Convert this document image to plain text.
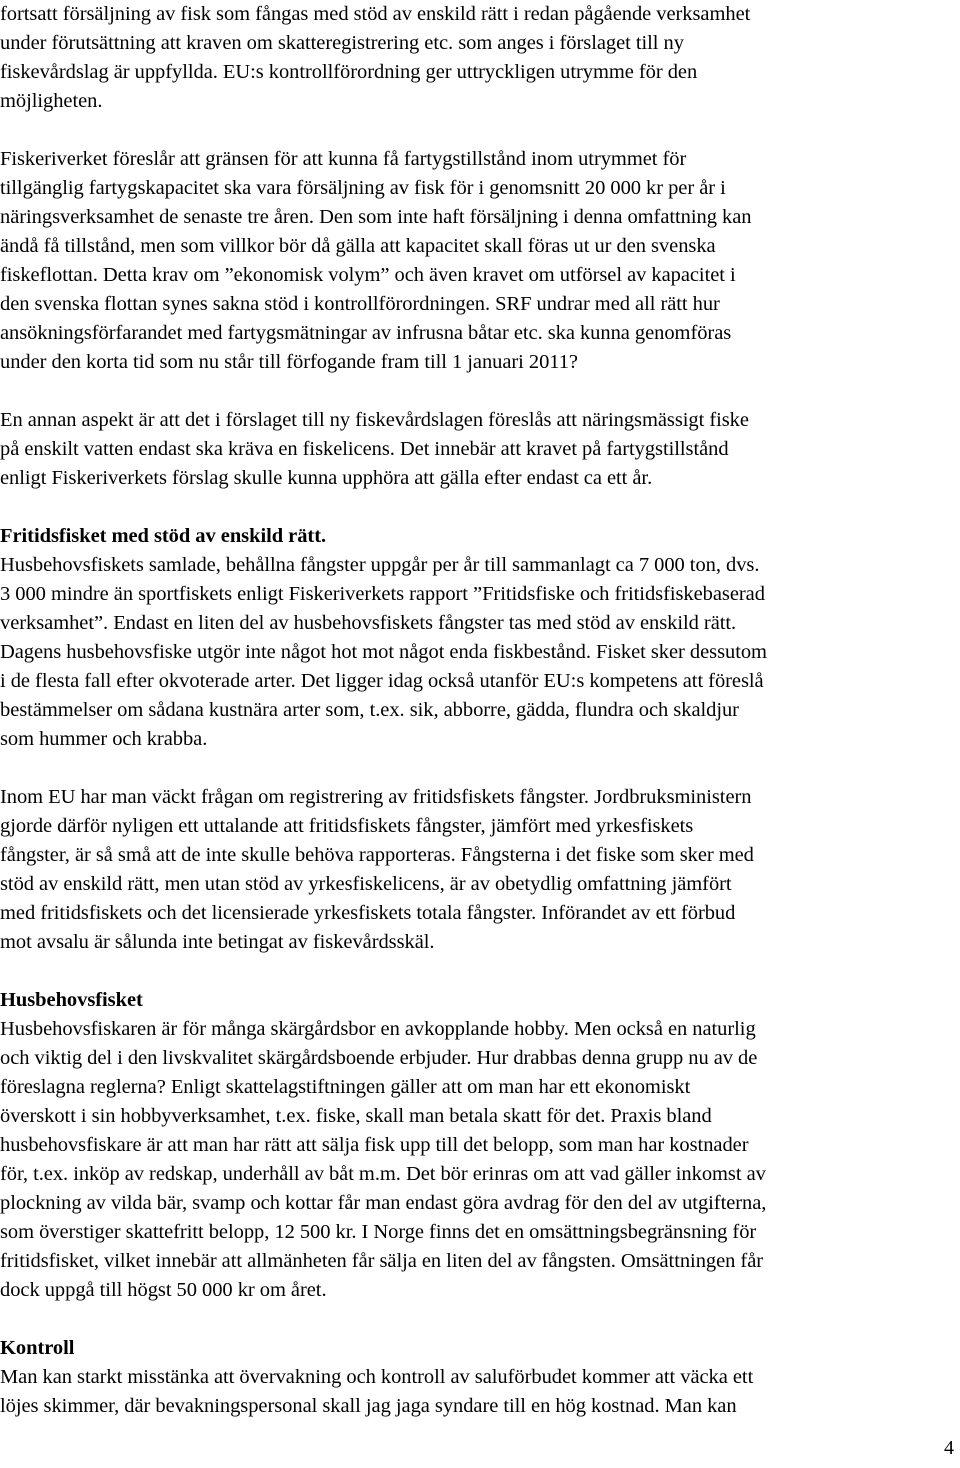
fortsatt försäljning av fisk som fångas med stöd av enskild rätt i redan pågående verksamhet
under förutsättning att kraven om skatteregistrering etc. som anges i förslaget till ny
fiskevårdslag är uppfyllda. EU:s kontrollförordning ger uttryckligen utrymme för den
möjligheten.
Fiskeriverket föreslår att gränsen för att kunna få fartygstillstånd inom utrymmet för
tillgänglig fartygskapacitet ska vara försäljning av fisk för i genomsnitt 20 000 kr per år i
näringsverksamhet de senaste tre åren. Den som inte haft försäljning i denna omfattning kan
ändå få tillstånd, men som villkor bör då gälla att kapacitet skall föras ut ur den svenska
fiskeflottan. Detta krav om ”ekonomisk volym” och även kravet om utförsel av kapacitet i
den svenska flottan synes sakna stöd i kontrollförordningen. SRF undrar med all rätt hur
ansökningsförfarandet med fartygsmätningar av infrusna båtar etc. ska kunna genomföras
under den korta tid som nu står till förfogande fram till 1 januari 2011?
En annan aspekt är att det i förslaget till ny fiskevårdslagen föreslås att näringsmässigt fiske
på enskilt vatten endast ska kräva en fiskelicens. Det innebär att kravet på fartygstillstånd
enligt Fiskeriverkets förslag skulle kunna upphöra att gälla efter endast ca ett år.
Fritidsfisket med stöd av enskild rätt.
Husbehovsfiskets samlade, behållna fångster uppgår per år till sammanlagt ca 7 000 ton, dvs.
3 000 mindre än sportfiskets enligt Fiskeriverkets rapport ”Fritidsfiske och fritidsfiskebaserad
verksamhet”. Endast en liten del av husbehovsfiskets fångster tas med stöd av enskild rätt.
Dagens husbehovsfiske utgör inte något hot mot något enda fiskbestånd. Fisket sker dessutom
i de flesta fall efter okvoterade arter. Det ligger idag också utanför EU:s kompetens att föreslå
bestämmelser om sådana kustnära arter som, t.ex. sik, abborre, gädda, flundra och skaldjur
som hummer och krabba.
Inom EU har man väckt frågan om registrering av fritidsfiskets fångster. Jordbruksministern
gjorde därför nyligen ett uttalande att fritidsfiskets fångster, jämfört med yrkesfiskets
fångster, är så små att de inte skulle behöva rapporteras. Fångsterna i det fiske som sker med
stöd av enskild rätt, men utan stöd av yrkesfiskelicens, är av obetydlig omfattning jämfört
med fritidsfiskets och det licensierade yrkesfiskets totala fångster. Införandet av ett förbud
mot avsalu är sålunda inte betingat av fiskevårdsskäl.
Husbehovsfisket
Husbehovsfiskaren är för många skärgårdsbor en avkopplande hobby. Men också en naturlig
och viktig del i den livskvalitet skärgårdsboende erbjuder. Hur drabbas denna grupp nu av de
föreslagna reglerna? Enligt skattelagstiftningen gäller att om man har ett ekonomiskt
överskott i sin hobbyverksamhet, t.ex. fiske, skall man betala skatt för det. Praxis bland
husbehovsfiskare är att man har rätt att sälja fisk upp till det belopp, som man har kostnader
för, t.ex. inköp av redskap, underhåll av båt m.m. Det bör erinras om att vad gäller inkomst av
plockning av vilda bär, svamp och kottar får man endast göra avdrag för den del av utgifterna,
som överstiger skattefritt belopp, 12 500 kr. I Norge finns det en omsättningsbegränsning för
fritidsfisket, vilket innebär att allmänheten får sälja en liten del av fångsten. Omsättningen får
dock uppgå till högst 50 000 kr om året.
Kontroll
Man kan starkt misstänka att övervakning och kontroll av saluförbudet kommer att väcka ett
löjes skimmer, där bevakningspersonal skall jag jaga syndare till en hög kostnad. Man kan
4
